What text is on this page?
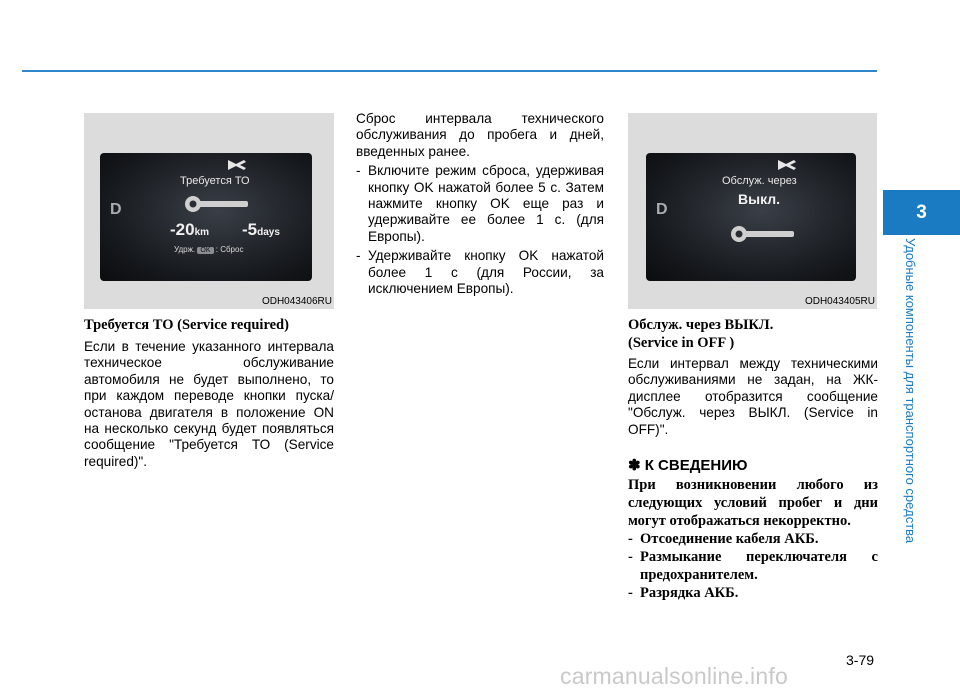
D
Требуется ТО
-20km -5days
Удрж. OK : Сброс
ODH043406RU
D
Обслуж. через
Выкл.
ODH043405RU

Требуется ТО (Service required)

Если в течение указанного интервала техническое обслуживание автомобиля не будет выполнено, то при каждом переводе кнопки пуска/останова двигателя в положение ON на несколько секунд будет появляться сообщение "Требуется ТО (Service required)".

Сброс интервала технического обслуживания до пробега и дней, введенных ранее.

- Включите режим сброса, удерживая кнопку OK нажатой более 5 с. Затем нажмите кнопку OK еще раз и удерживайте ее более 1 с. (для Европы).
- Удерживайте кнопку OK нажатой более 1 с (для России, за исключением Европы).

Обслуж. через ВЫКЛ.

(Service in OFF )

Если интервал между техническими обслуживаниями не задан, на ЖК-дисплее отобразится сообщение "Обслуж. через ВЫКЛ. (Service in OFF)".

✽ К СВЕДЕНИЮ

При возникновении любого из следующих условий пробег и дни могут отображаться некорректно.

- Отсоединение кабеля АКБ.
- Размыкание переключателя с предохранителем.
- Разрядка АКБ.
3
Удобные компоненты для транспортного средства
3-79
carmanualsonline.info
